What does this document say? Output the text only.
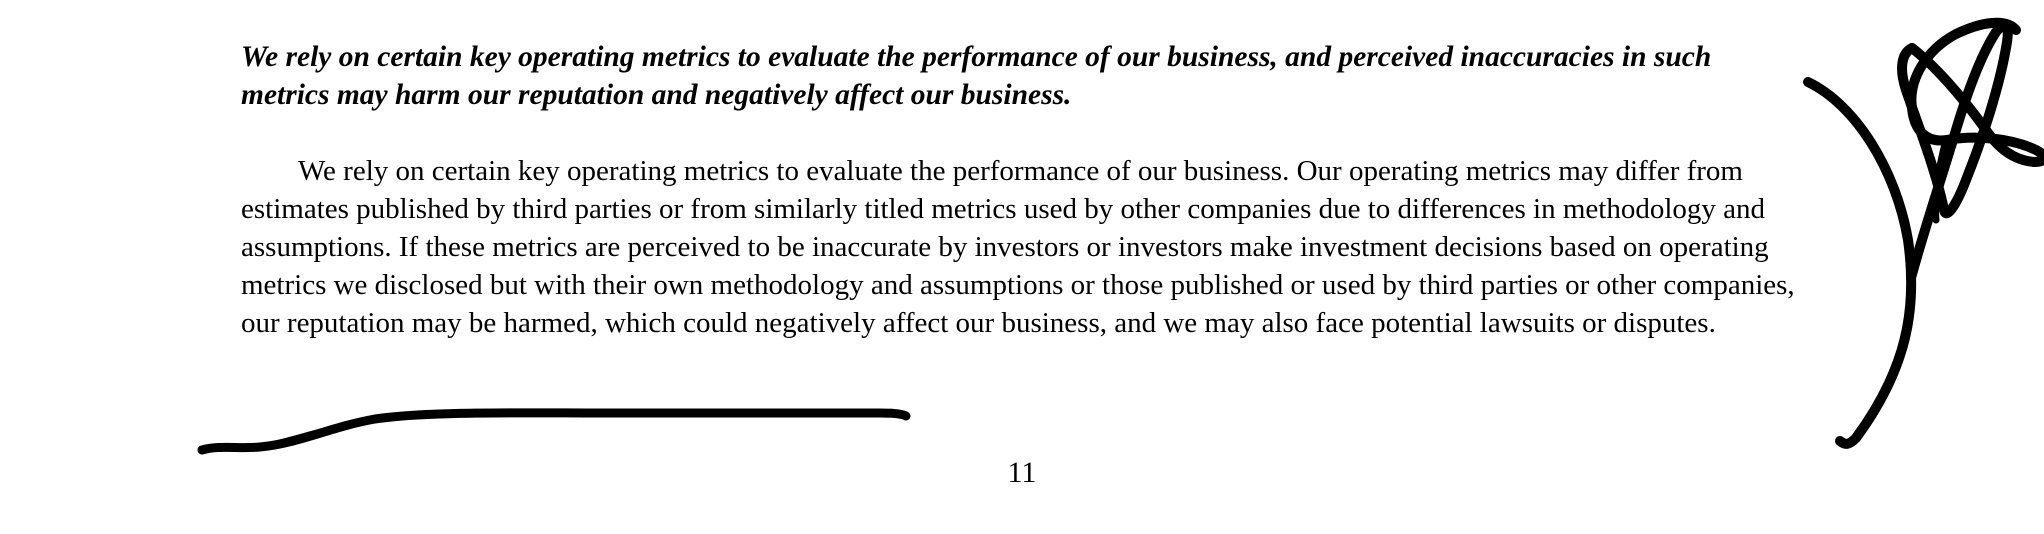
We rely on certain key operating metrics to evaluate the performance of our business, and perceived inaccuracies in such metrics may harm our reputation and negatively affect our business.

We rely on certain key operating metrics to evaluate the performance of our business. Our operating metrics may differ from estimates published by third parties or from similarly titled metrics used by other companies due to differences in methodology and assumptions. If these metrics are perceived to be inaccurate by investors or investors make investment decisions based on operating metrics we disclosed but with their own methodology and assumptions or those published or used by third parties or other companies, our reputation may be harmed, which could negatively affect our business, and we may also face potential lawsuits or disputes.

11
